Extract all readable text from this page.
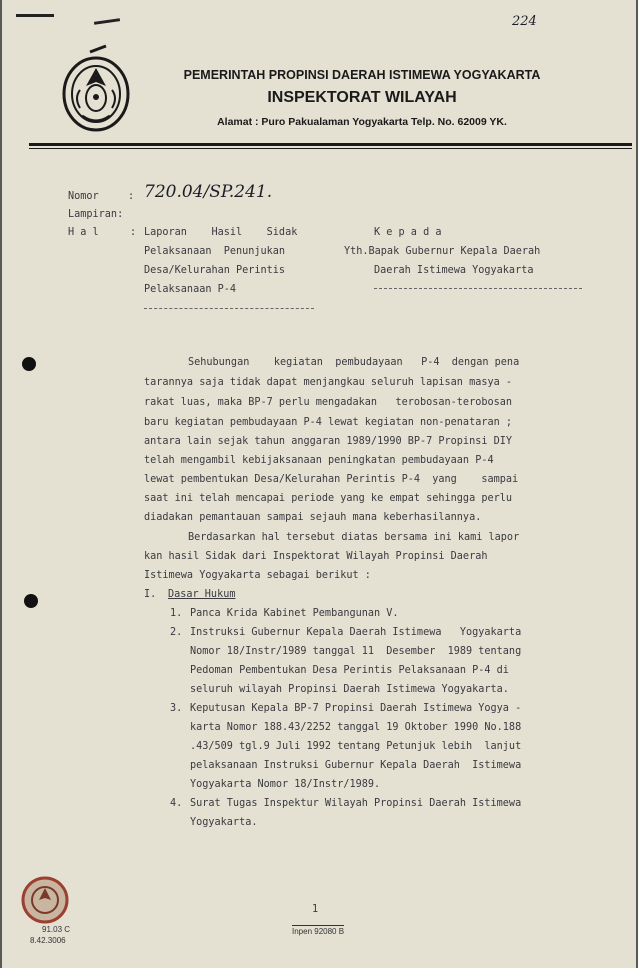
224
PEMERINTAH PROPINSI DAERAH ISTIMEWA YOGYAKARTA
INSPEKTORAT WILAYAH
Alamat : Puro Pakualaman Yogyakarta Telp. No. 62009 YK.
Nomor	: 720.04/SP.241.
Lampiran:
H a l	: Laporan    Hasil    Sidak
Pelaksanaan  Penunjukan
Desa/Kelurahan Perintis
Pelaksanaan P-4
K e p a d a
Yth.Bapak Gubernur Kepala Daerah
Daerah Istimewa Yogyakarta
Sehubungan    kegiatan  pembudayaan   P-4  dengan pena
tarannya saja tidak dapat menjangkau seluruh lapisan masya -
rakat luas, maka BP-7 perlu mengadakan   terobosan-terobosan
baru kegiatan pembudayaan P-4 lewat kegiatan non-penataran ;
antara lain sejak tahun anggaran 1989/1990 BP-7 Propinsi DIY
telah mengambil kebijaksanaan peningkatan pembudayaan P-4
lewat pembentukan Desa/Kelurahan Perintis P-4  yang    sampai
saat ini telah mencapai periode yang ke empat sehingga perlu
diadakan pemantauan sampai sejauh mana keberhasilannya.
Berdasarkan hal tersebut diatas bersama ini kami lapor
kan hasil Sidak dari Inspektorat Wilayah Propinsi Daerah
Istimewa Yogyakarta sebagai berikut :
I. Dasar Hukum
1. Panca Krida Kabinet Pembangunan V.
2. Instruksi Gubernur Kepala Daerah Istimewa   Yogyakarta
Nomor 18/Instr/1989 tanggal 11  Desember  1989 tentang
Pedoman Pembentukan Desa Perintis Pelaksanaan P-4 di
seluruh wilayah Propinsi Daerah Istimewa Yogyakarta.
3. Keputusan Kepala BP-7 Propinsi Daerah Istimewa Yogya -
karta Nomor 188.43/2252 tanggal 19 Oktober 1990 No.188
.43/509 tgl.9 Juli 1992 tentang Petunjuk lebih  lanjut
pelaksanaan Instruksi Gubernur Kepala Daerah  Istimewa
Yogyakarta Nomor 18/Instr/1989.
4. Surat Tugas Inspektur Wilayah Propinsi Daerah Istimewa
Yogyakarta.
1
Inpen 92080 B
91.03 C
8.42.3006
